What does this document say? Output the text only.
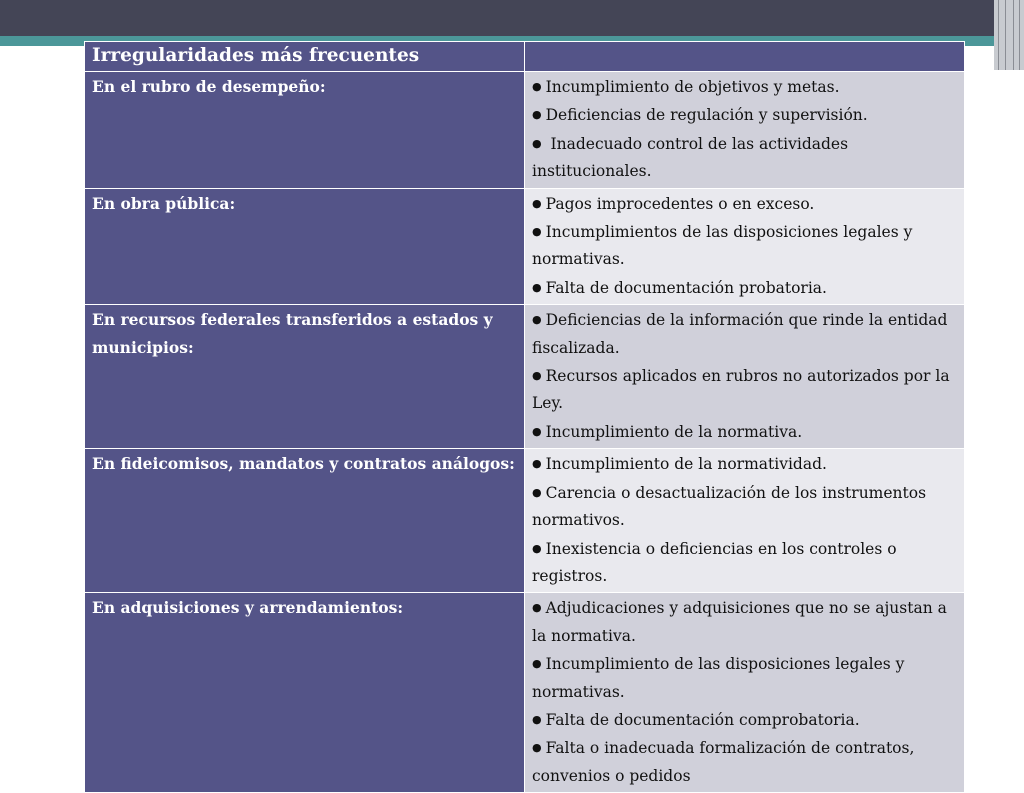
Irregularidades más frecuentes	
En el rubro de desempeño:	● Incumplimiento de objetivos y metas.
● Deficiencias de regulación y supervisión.
● Inadecuado control de las actividades institucionales.

En obra pública:	● Pagos improcedentes o en exceso.
● Incumplimientos de las disposiciones legales y normativas.
● Falta de documentación probatoria.

En recursos federales transferidos a estados y municipios:	● Deficiencias de la información que rinde la entidad fiscalizada.
● Recursos aplicados en rubros no autorizados por la Ley.
● Incumplimiento de la normativa.

En fideicomisos, mandatos y contratos análogos:	● Incumplimiento de la normatividad.
● Carencia o desactualización de los instrumentos normativos.
● Inexistencia o deficiencias en los controles o registros.

En adquisiciones y arrendamientos:	● Adjudicaciones y adquisiciones que no se ajustan a la normativa.
● Incumplimiento de las disposiciones legales y normativas.
● Falta de documentación comprobatoria.
● Falta o inadecuada formalización de contratos, convenios o pedidos
